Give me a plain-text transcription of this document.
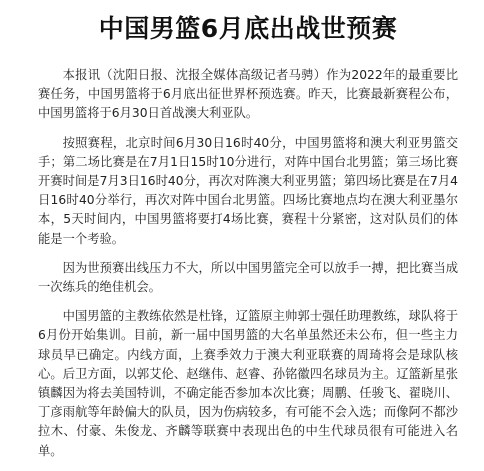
中国男篮6月底出战世预赛

本报讯（沈阳日报、沈报全媒体高级记者马骋）作为2022年的最重要比赛任务，中国男篮将于6月底出征世界杯预选赛。昨天，比赛最新赛程公布，中国男篮将于6月30日首战澳大利亚队。

按照赛程，北京时间6月30日16时40分，中国男篮将和澳大利亚男篮交手；第二场比赛是在7月1日15时10分进行，对阵中国台北男篮；第三场比赛开赛时间是7月3日16时40分，再次对阵澳大利亚男篮；第四场比赛是在7月4日16时40分举行，再次对阵中国台北男篮。四场比赛地点均在澳大利亚墨尔本，5天时间内，中国男篮将要打4场比赛，赛程十分紧密，这对队员们的体能是一个考验。

因为世预赛出线压力不大，所以中国男篮完全可以放手一搏，把比赛当成一次练兵的绝佳机会。

中国男篮的主教练依然是杜锋，辽篮原主帅郭士强任助理教练，球队将于6月份开始集训。目前，新一届中国男篮的大名单虽然还未公布，但一些主力球员早已确定。内线方面，上赛季效力于澳大利亚联赛的周琦将会是球队核心。后卫方面，以郭艾伦、赵继伟、赵睿、孙铭徽四名球员为主。辽篮新星张镇麟因为将去美国特训，不确定能否参加本次比赛；周鹏、任骏飞、翟晓川、丁彦雨航等年龄偏大的队员，因为伤病较多，有可能不会入选；而像阿不都沙拉木、付豪、朱俊龙、齐麟等联赛中表现出色的中生代球员很有可能进入名单。
